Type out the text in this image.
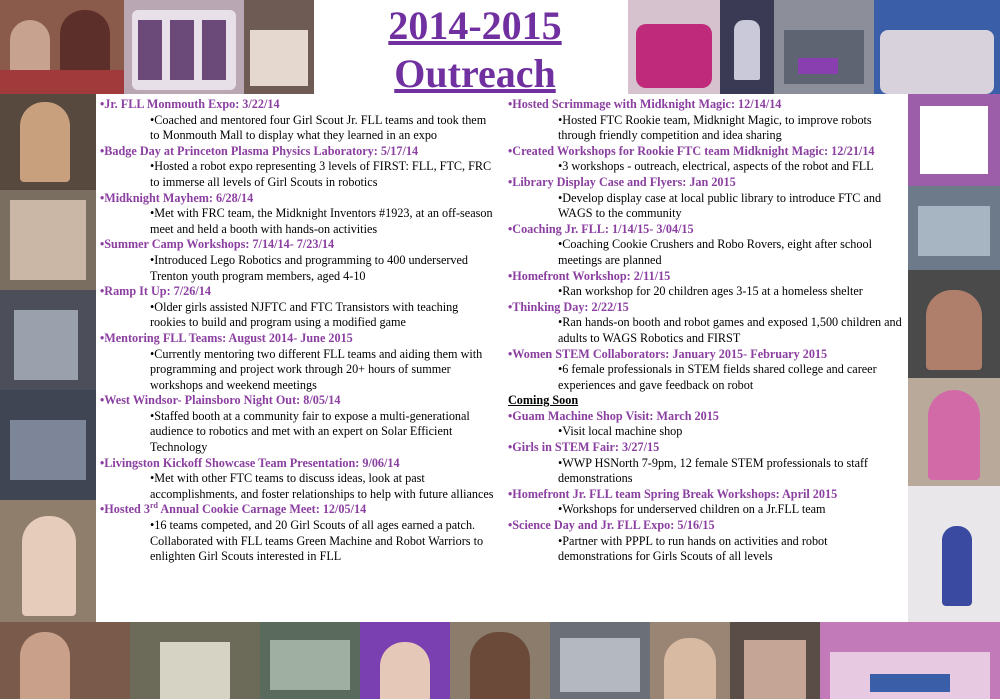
2014-2015
Outreach
•Jr. FLL Monmouth Expo: 3/22/14
•Coached and mentored four Girl Scout Jr. FLL teams and took them to Monmouth Mall to display what they learned in an expo
•Badge Day at Princeton Plasma Physics Laboratory: 5/17/14
•Hosted a robot expo representing 3 levels of FIRST: FLL, FTC, FRC to immerse all levels of Girl Scouts in robotics
•Midknight Mayhem: 6/28/14
•Met with FRC team, the Midknight Inventors #1923, at an off-season meet and held a booth with hands-on activities
•Summer Camp Workshops: 7/14/14- 7/23/14
•Introduced Lego Robotics and programming to 400 underserved Trenton youth program members, aged 4-10
•Ramp It Up: 7/26/14
•Older girls assisted NJFTC and FTC Transistors with teaching rookies to build and program using a modified game
•Mentoring FLL Teams: August 2014- June 2015
•Currently mentoring two different FLL teams and aiding them with programming and project work through 20+ hours of summer workshops and weekend meetings
•West Windsor- Plainsboro Night Out: 8/05/14
•Staffed booth at a community fair to expose a multi-generational audience to robotics and met with an expert on Solar Efficient Technology
•Livingston Kickoff Showcase Team Presentation: 9/06/14
•Met with other FTC teams to discuss ideas, look at past accomplishments, and foster relationships to help with future alliances
•Hosted 3rd Annual Cookie Carnage Meet: 12/05/14
•16 teams competed, and 20 Girl Scouts of all ages earned a patch. Collaborated with FLL teams Green Machine and Robot Warriors to enlighten Girl Scouts interested in FLL
•Hosted Scrimmage with Midknight Magic: 12/14/14
•Hosted FTC Rookie team, Midknight Magic, to improve robots through friendly competition and idea sharing
•Created Workshops for Rookie FTC team Midknight Magic: 12/21/14
•3 workshops - outreach, electrical, aspects of the robot and FLL
•Library Display Case and Flyers: Jan 2015
•Develop display case at local public library to introduce FTC and WAGS to the community
•Coaching Jr. FLL: 1/14/15- 3/04/15
•Coaching Cookie Crushers and Robo Rovers, eight after school meetings are planned
•Homefront Workshop: 2/11/15
•Ran workshop for 20 children ages 3-15 at a homeless shelter
•Thinking Day: 2/22/15
•Ran hands-on booth and robot games and exposed 1,500 children and adults to WAGS Robotics and FIRST
•Women STEM Collaborators: January 2015- February 2015
•6 female professionals in STEM fields shared college and career experiences and gave feedback on robot
Coming Soon
•Guam Machine Shop Visit: March 2015
•Visit local machine shop
•Girls in STEM Fair: 3/27/15
•WWP HSNorth 7-9pm, 12 female STEM professionals to staff demonstrations
•Homefront Jr. FLL team Spring Break Workshops: April 2015
•Workshops for underserved children on a Jr.FLL team
•Science Day and Jr. FLL Expo: 5/16/15
•Partner with PPPL to run hands on activities and robot demonstrations for Girls Scouts of all levels
